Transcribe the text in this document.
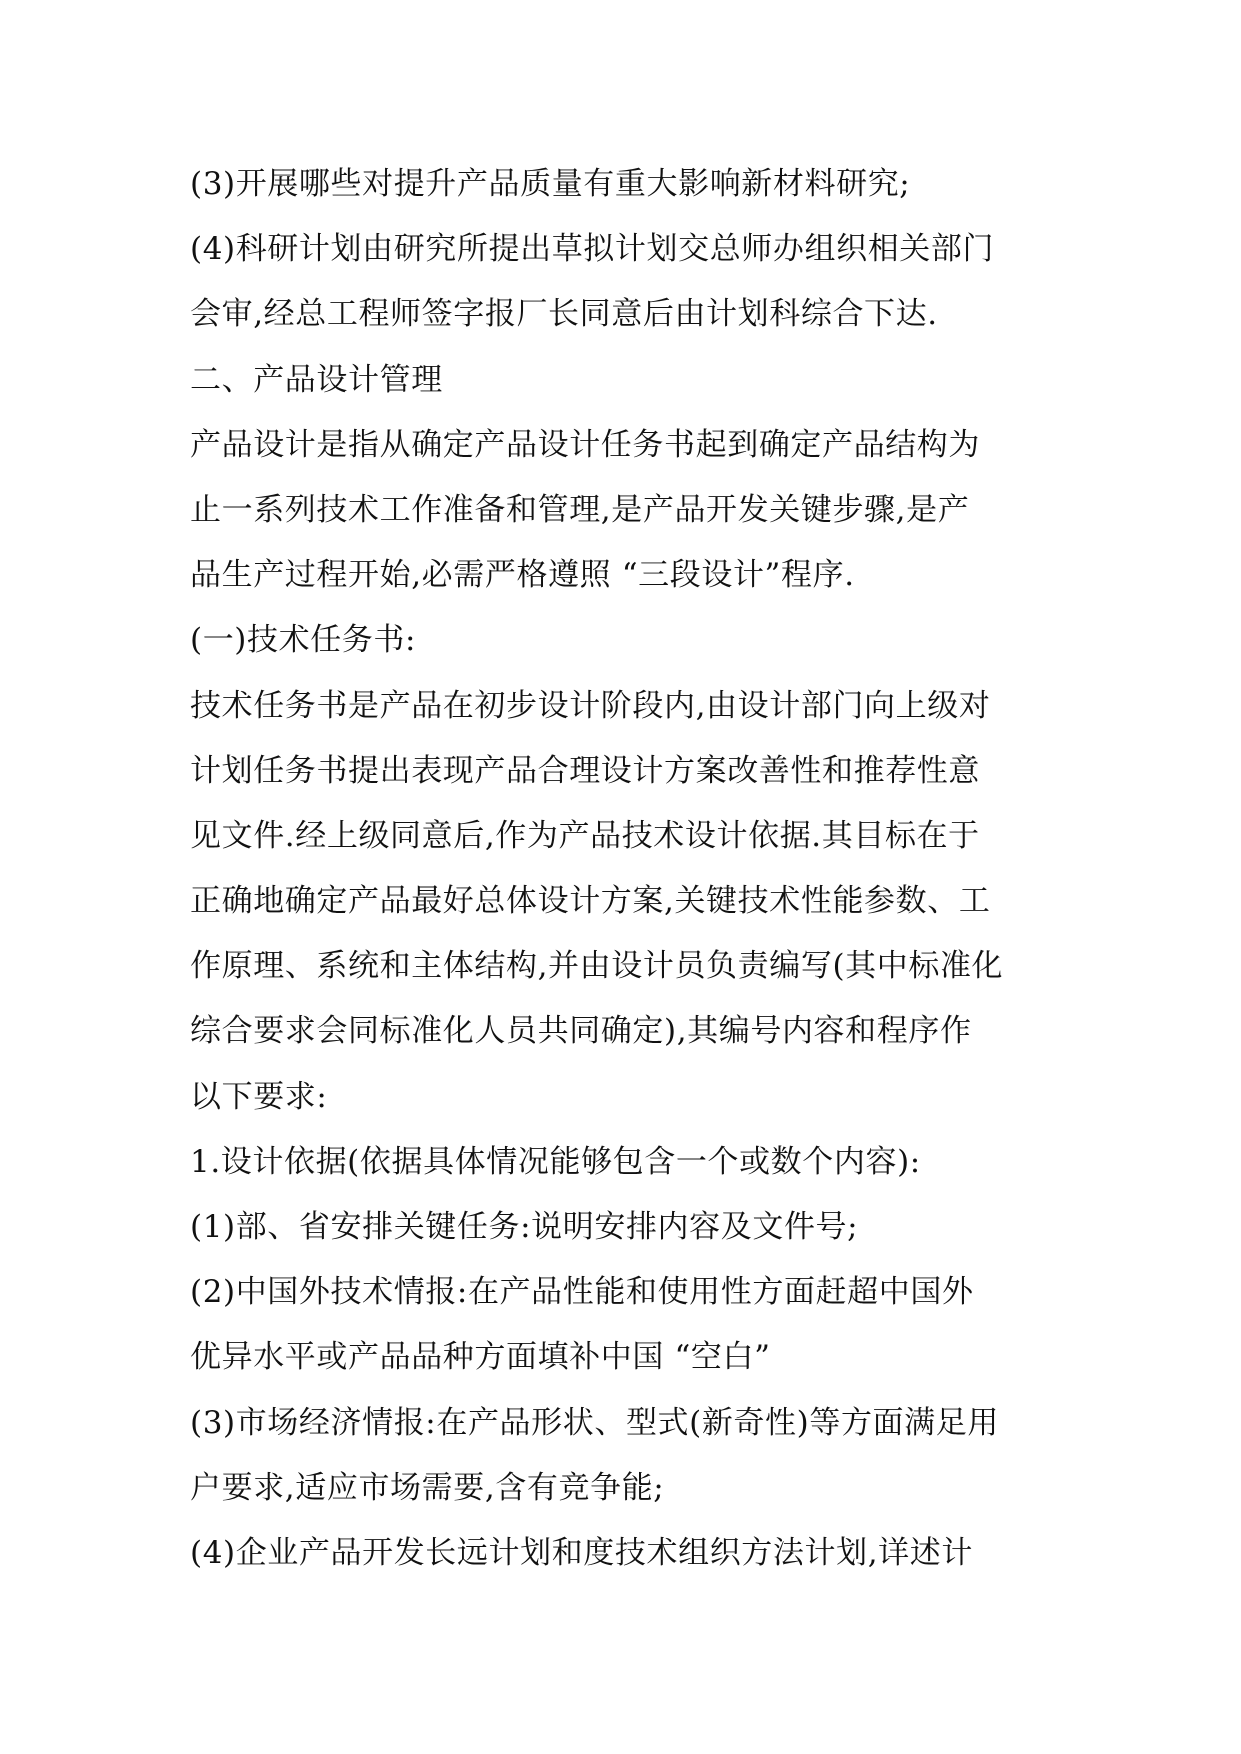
(3)开展哪些对提升产品质量有重大影响新材料研究;
(4)科研计划由研究所提出草拟计划交总师办组织相关部门
会审,经总工程师签字报厂长同意后由计划科综合下达.
二、产品设计管理
产品设计是指从确定产品设计任务书起到确定产品结构为
止一系列技术工作准备和管理,是产品开发关键步骤,是产
品生产过程开始,必需严格遵照 “三段设计”程序.
(一)技术任务书:
技术任务书是产品在初步设计阶段内,由设计部门向上级对
计划任务书提出表现产品合理设计方案改善性和推荐性意
见文件.经上级同意后,作为产品技术设计依据.其目标在于
正确地确定产品最好总体设计方案,关键技术性能参数、工
作原理、系统和主体结构,并由设计员负责编写(其中标准化
综合要求会同标准化人员共同确定),其编号内容和程序作
以下要求:
1.设计依据(依据具体情况能够包含一个或数个内容):
(1)部、省安排关键任务:说明安排内容及文件号;
(2)中国外技术情报:在产品性能和使用性方面赶超中国外
优异水平或产品品种方面填补中国 “空白”
(3)市场经济情报:在产品形状、型式(新奇性)等方面满足用
户要求,适应市场需要,含有竞争能;
(4)企业产品开发长远计划和度技术组织方法计划,详述计
